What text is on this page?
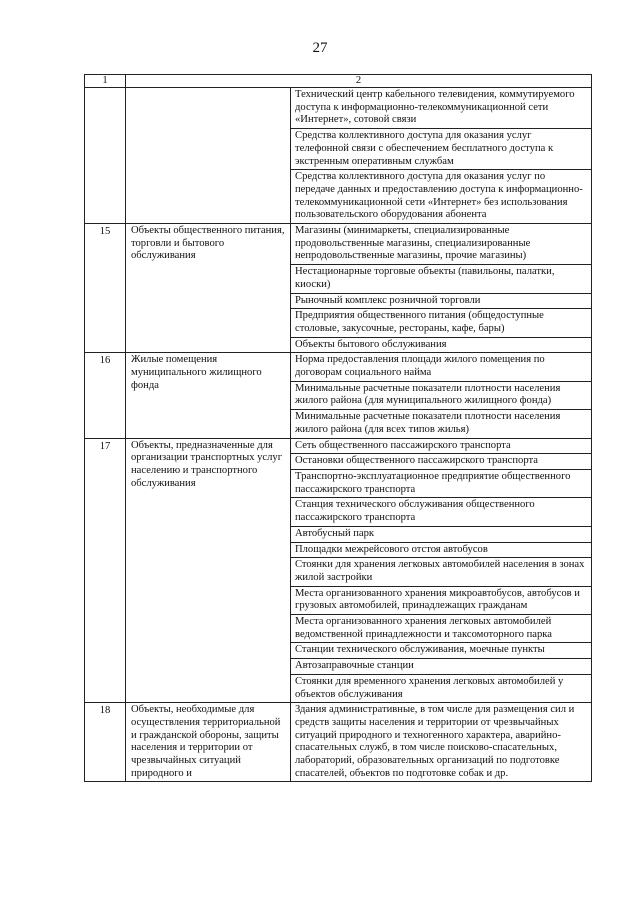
27
1	2	
		Технический центр кабельного телевидения, коммутируемого доступа к информационно-телекоммуникационной сети «Интернет», сотовой связи
		Средства коллективного доступа для оказания услуг телефонной связи с обеспечением бесплатного доступа к экстренным оперативным службам
		Средства коллективного доступа для оказания услуг по передаче данных и предоставлению доступа к информационно-телекоммуникационной сети «Интернет» без использования пользовательского оборудования абонента
15	Объекты общественного питания, торговли и бытового обслуживания	Магазины (минимаркеты, специализированные продовольственные магазины, специализированные непродовольственные магазины, прочие магазины)
		Нестационарные торговые объекты (павильоны, палатки, киоски)
		Рыночный комплекс розничной торговли
		Предприятия общественного питания (общедоступные столовые, закусочные, рестораны, кафе, бары)
		Объекты бытового обслуживания
16	Жилые помещения муниципального жилищного фонда	Норма предоставления площади жилого помещения по договорам социального найма
		Минимальные расчетные показатели плотности населения жилого района (для муниципального жилищного фонда)
		Минимальные расчетные показатели плотности населения жилого района (для всех типов жилья)
17	Объекты, предназначенные для организации транспортных услуг населению и транспортного обслуживания	Сеть общественного пассажирского транспорта
		Остановки общественного пассажирского транспорта
		Транспортно-эксплуатационное предприятие общественного пассажирского транспорта
		Станция технического обслуживания общественного пассажирского транспорта
		Автобусный парк
		Площадки межрейсового отстоя автобусов
		Стоянки для хранения легковых автомобилей населения в зонах жилой застройки
		Места организованного хранения микроавтобусов, автобусов и грузовых автомобилей, принадлежащих гражданам
		Места организованного хранения легковых автомобилей ведомственной принадлежности и таксомоторного парка
		Станции технического обслуживания, моечные пункты
		Автозаправочные станции
		Стоянки для временного хранения легковых автомобилей у объектов обслуживания
18	Объекты, необходимые для осуществления территориальной и гражданской обороны, защиты населения и территории от чрезвычайных ситуаций природного и	Здания административные, в том числе для размещения сил и средств защиты населения и территории от чрезвычайных ситуаций природного и техногенного характера, аварийно-спасательных служб, в том числе поисково-спасательных, лабораторий, образовательных организаций по подготовке спасателей, объектов по подготовке собак и др.
